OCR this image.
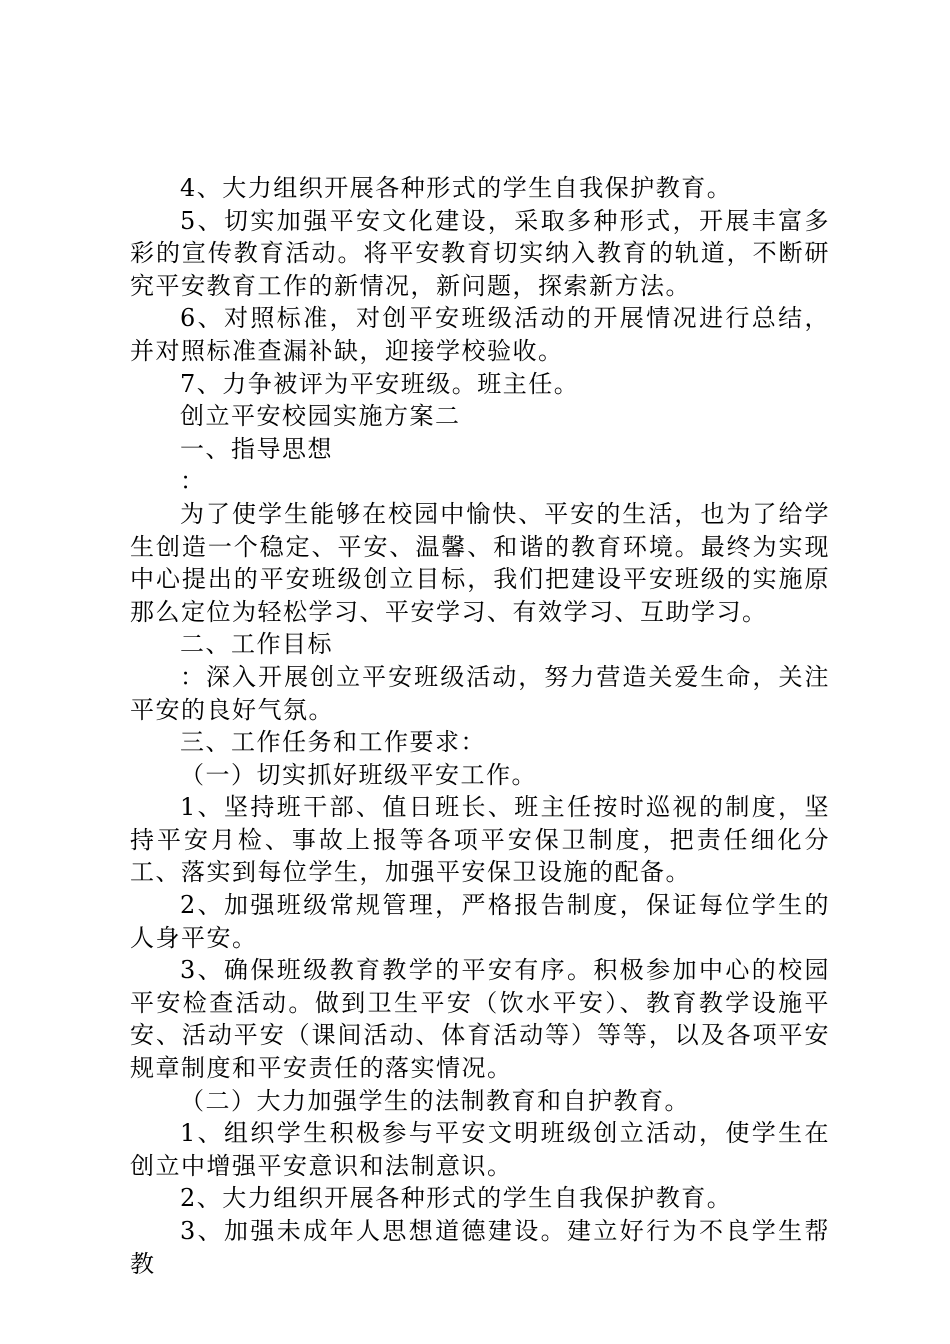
4、大力组织开展各种形式的学生自我保护教育。

5、切实加强平安文化建设，采取多种形式，开展丰富多彩的宣传教育活动。将平安教育切实纳入教育的轨道，不断研究平安教育工作的新情况，新问题，探索新方法。

6、对照标准，对创平安班级活动的开展情况进行总结，并对照标准查漏补缺，迎接学校验收。

7、力争被评为平安班级。班主任。

创立平安校园实施方案二

一、指导思想

：

为了使学生能够在校园中愉快、平安的生活，也为了给学生创造一个稳定、平安、温馨、和谐的教育环境。最终为实现中心提出的平安班级创立目标，我们把建设平安班级的实施原那么定位为轻松学习、平安学习、有效学习、互助学习。

二、工作目标

：深入开展创立平安班级活动，努力营造关爱生命，关注平安的良好气氛。

三、工作任务和工作要求：

（一）切实抓好班级平安工作。

1、坚持班干部、值日班长、班主任按时巡视的制度，坚持平安月检、事故上报等各项平安保卫制度，把责任细化分工、落实到每位学生，加强平安保卫设施的配备。

2、加强班级常规管理，严格报告制度，保证每位学生的人身平安。

3、确保班级教育教学的平安有序。积极参加中心的校园平安检查活动。做到卫生平安（饮水平安）、教育教学设施平安、活动平安（课间活动、体育活动等）等等，以及各项平安规章制度和平安责任的落实情况。

（二）大力加强学生的法制教育和自护教育。

1、组织学生积极参与平安文明班级创立活动，使学生在创立中增强平安意识和法制意识。

2、大力组织开展各种形式的学生自我保护教育。

3、加强未成年人思想道德建设。建立好行为不良学生帮教
